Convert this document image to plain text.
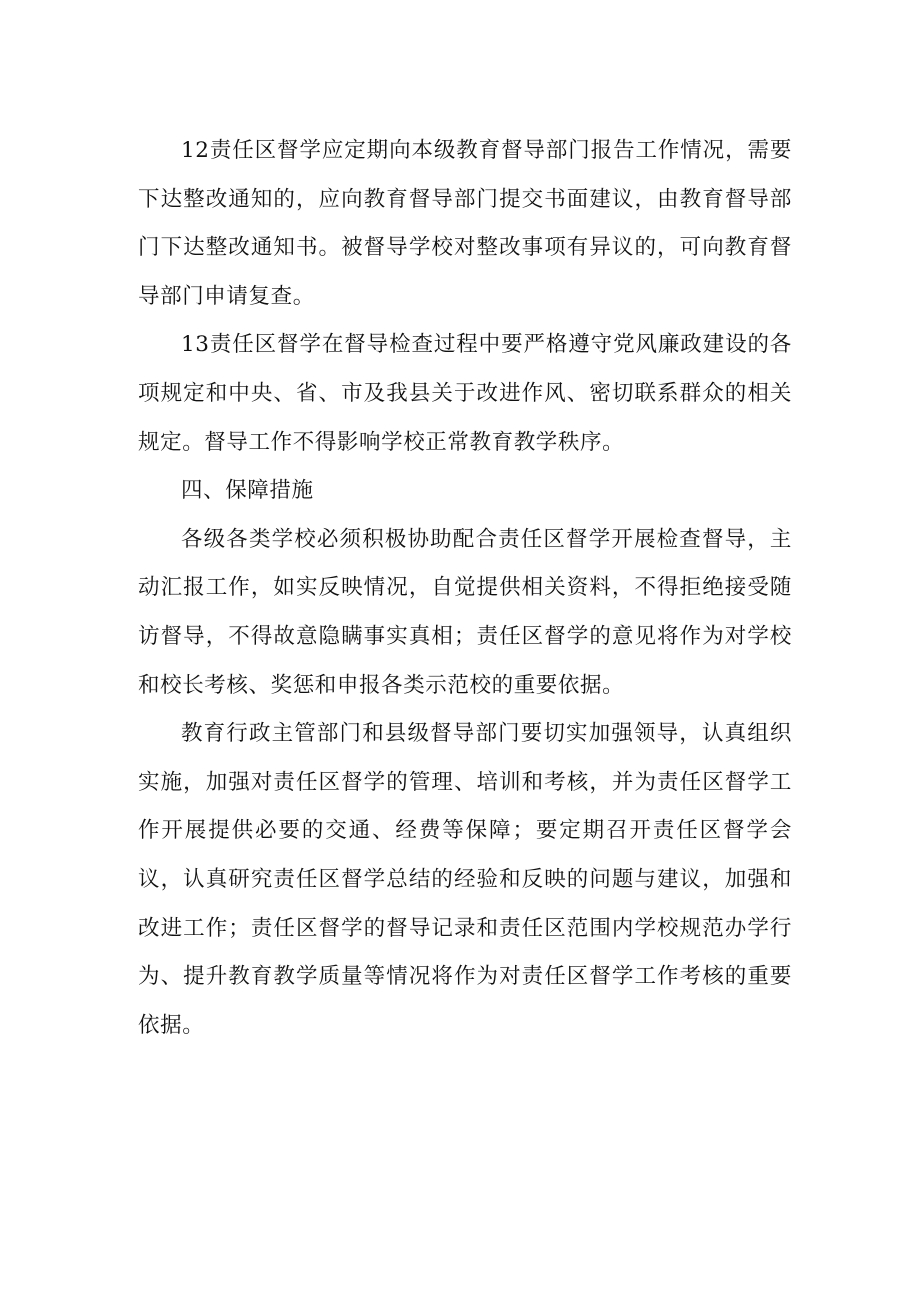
12责任区督学应定期向本级教育督导部门报告工作情况，需要下达整改通知的，应向教育督导部门提交书面建议，由教育督导部门下达整改通知书。被督导学校对整改事项有异议的，可向教育督导部门申请复查。

13责任区督学在督导检查过程中要严格遵守党风廉政建设的各项规定和中央、省、市及我县关于改进作风、密切联系群众的相关规定。督导工作不得影响学校正常教育教学秩序。

四、保障措施

各级各类学校必须积极协助配合责任区督学开展检查督导，主动汇报工作，如实反映情况，自觉提供相关资料，不得拒绝接受随访督导，不得故意隐瞒事实真相；责任区督学的意见将作为对学校和校长考核、奖惩和申报各类示范校的重要依据。

教育行政主管部门和县级督导部门要切实加强领导，认真组织实施，加强对责任区督学的管理、培训和考核，并为责任区督学工作开展提供必要的交通、经费等保障；要定期召开责任区督学会议，认真研究责任区督学总结的经验和反映的问题与建议，加强和改进工作；责任区督学的督导记录和责任区范围内学校规范办学行为、提升教育教学质量等情况将作为对责任区督学工作考核的重要依据。
